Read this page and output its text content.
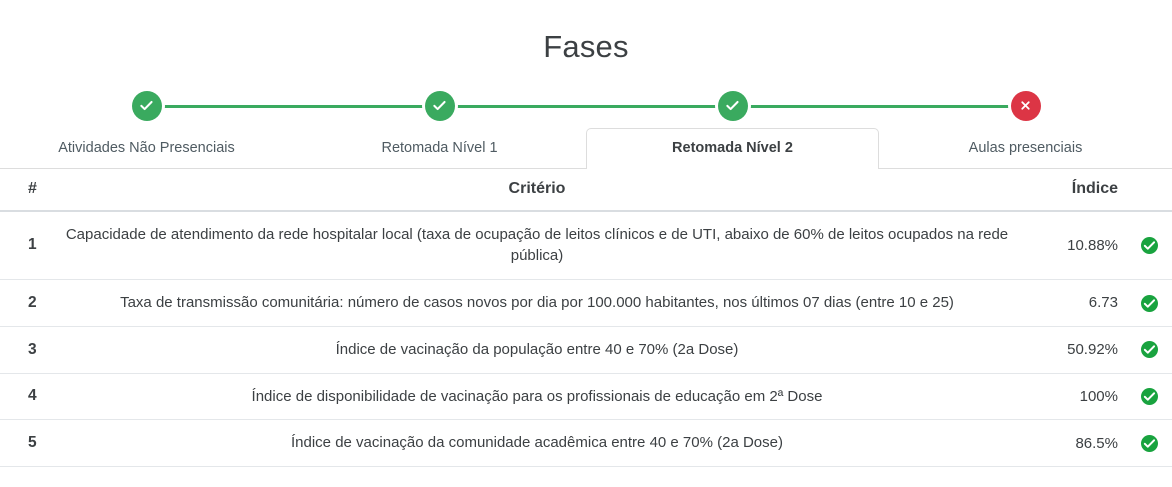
Fases
Atividades Não Presenciais	Retomada Nível 1	Retomada Nível 2	Aulas presenciais
#	Critério	Índice	
1	Capacidade de atendimento da rede hospitalar local (taxa de ocupação de leitos clínicos e de UTI, abaixo de 60% de leitos ocupados na rede pública)	10.88%	

2	Taxa de transmissão comunitária: número de casos novos por dia por 100.000 habitantes, nos últimos 07 dias (entre 10 e 25)	6.73	

3	Índice de vacinação da população entre 40 e 70% (2a Dose)	50.92%	

4	Índice de disponibilidade de vacinação para os profissionais de educação em 2ª Dose	100%	

5	Índice de vacinação da comunidade acadêmica entre 40 e 70% (2a Dose)	86.5%	
